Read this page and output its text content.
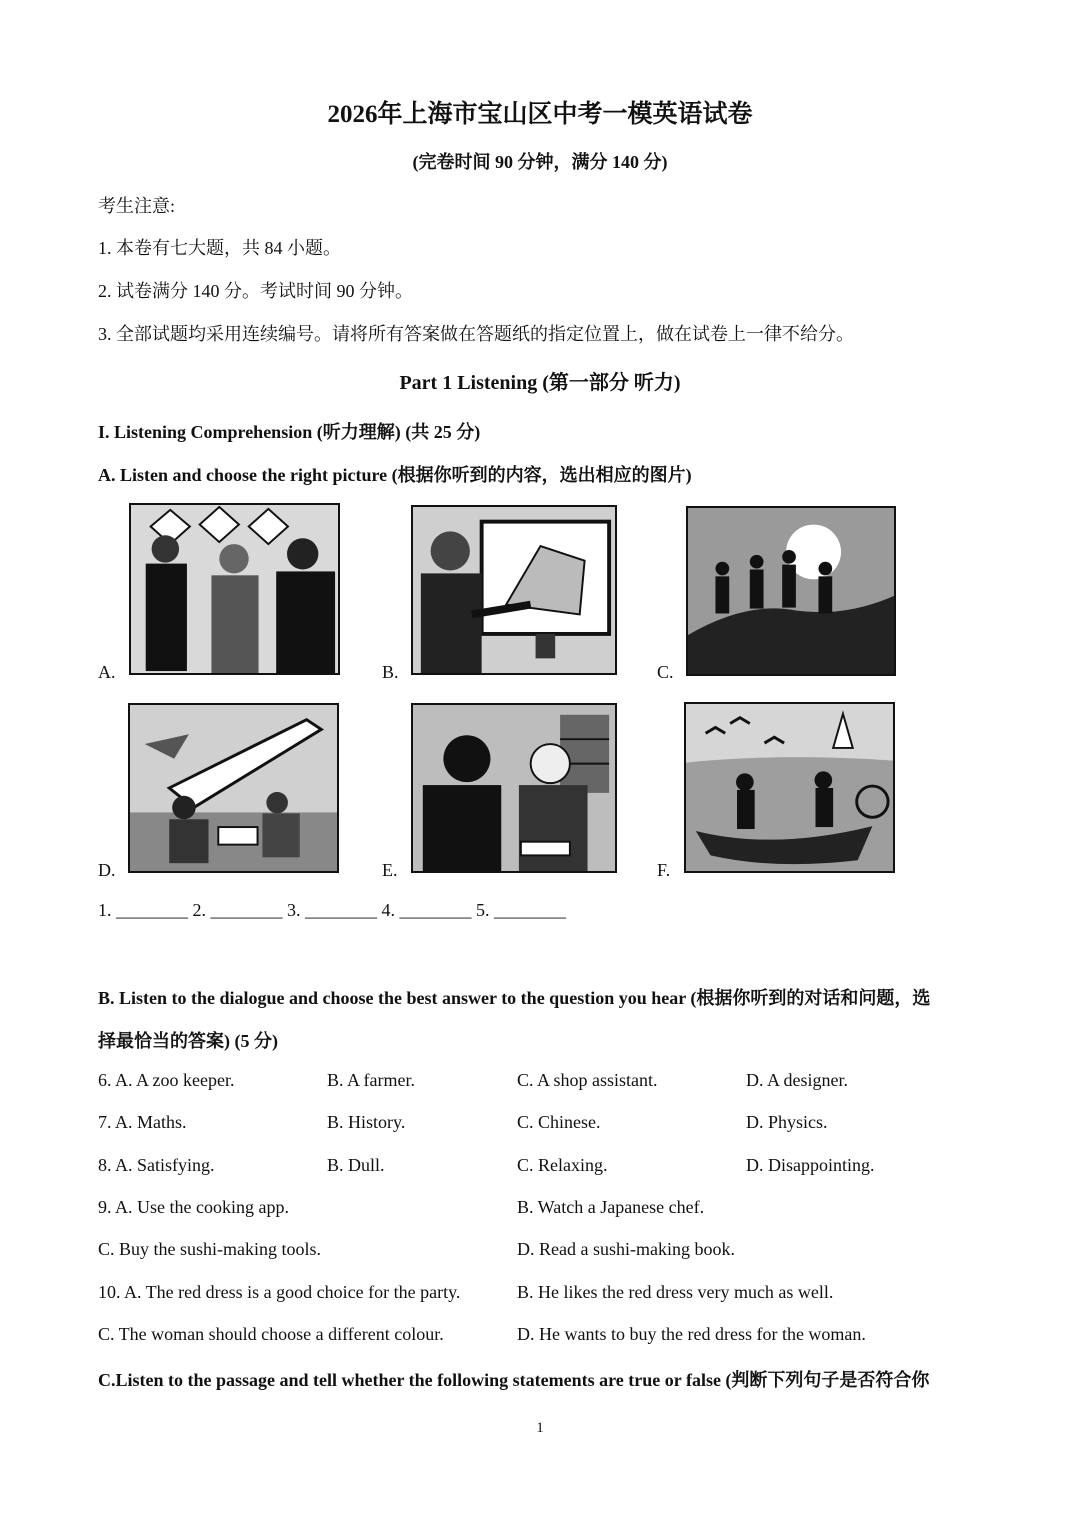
2026年上海市宝山区中考一模英语试卷
(完卷时间 90 分钟，满分 140 分)
考生注意:
1. 本卷有七大题，共 84 小题。
2. 试卷满分 140 分。考试时间 90 分钟。
3. 全部试题均采用连续编号。请将所有答案做在答题纸的指定位置上，做在试卷上一律不给分。
Part 1 Listening (第一部分 听力)
I. Listening Comprehension (听力理解) (共 25 分)
A. Listen and choose the right picture (根据你听到的内容，选出相应的图片)
A.	B.	C.
D.	E.	F.
1. ________ 2. ________ 3. ________ 4. ________ 5. ________
B. Listen to the dialogue and choose the best answer to the question you hear (根据你听到的对话和问题，选
择最恰当的答案) (5 分)
6. A. A zoo keeper.	B. A farmer.	C. A shop assistant.	D. A designer.
7. A. Maths.	B. History.	C. Chinese.	D. Physics.
8. A. Satisfying.	B. Dull.	C. Relaxing.	D. Disappointing.
9. A. Use the cooking app.	B. Watch a Japanese chef.
C. Buy the sushi-making tools.	D. Read a sushi-making book.
10. A. The red dress is a good choice for the party.	B. He likes the red dress very much as well.
C. The woman should choose a different colour.	D. He wants to buy the red dress for the woman.
C.Listen to the passage and tell whether the following statements are true or false (判断下列句子是否符合你
1
